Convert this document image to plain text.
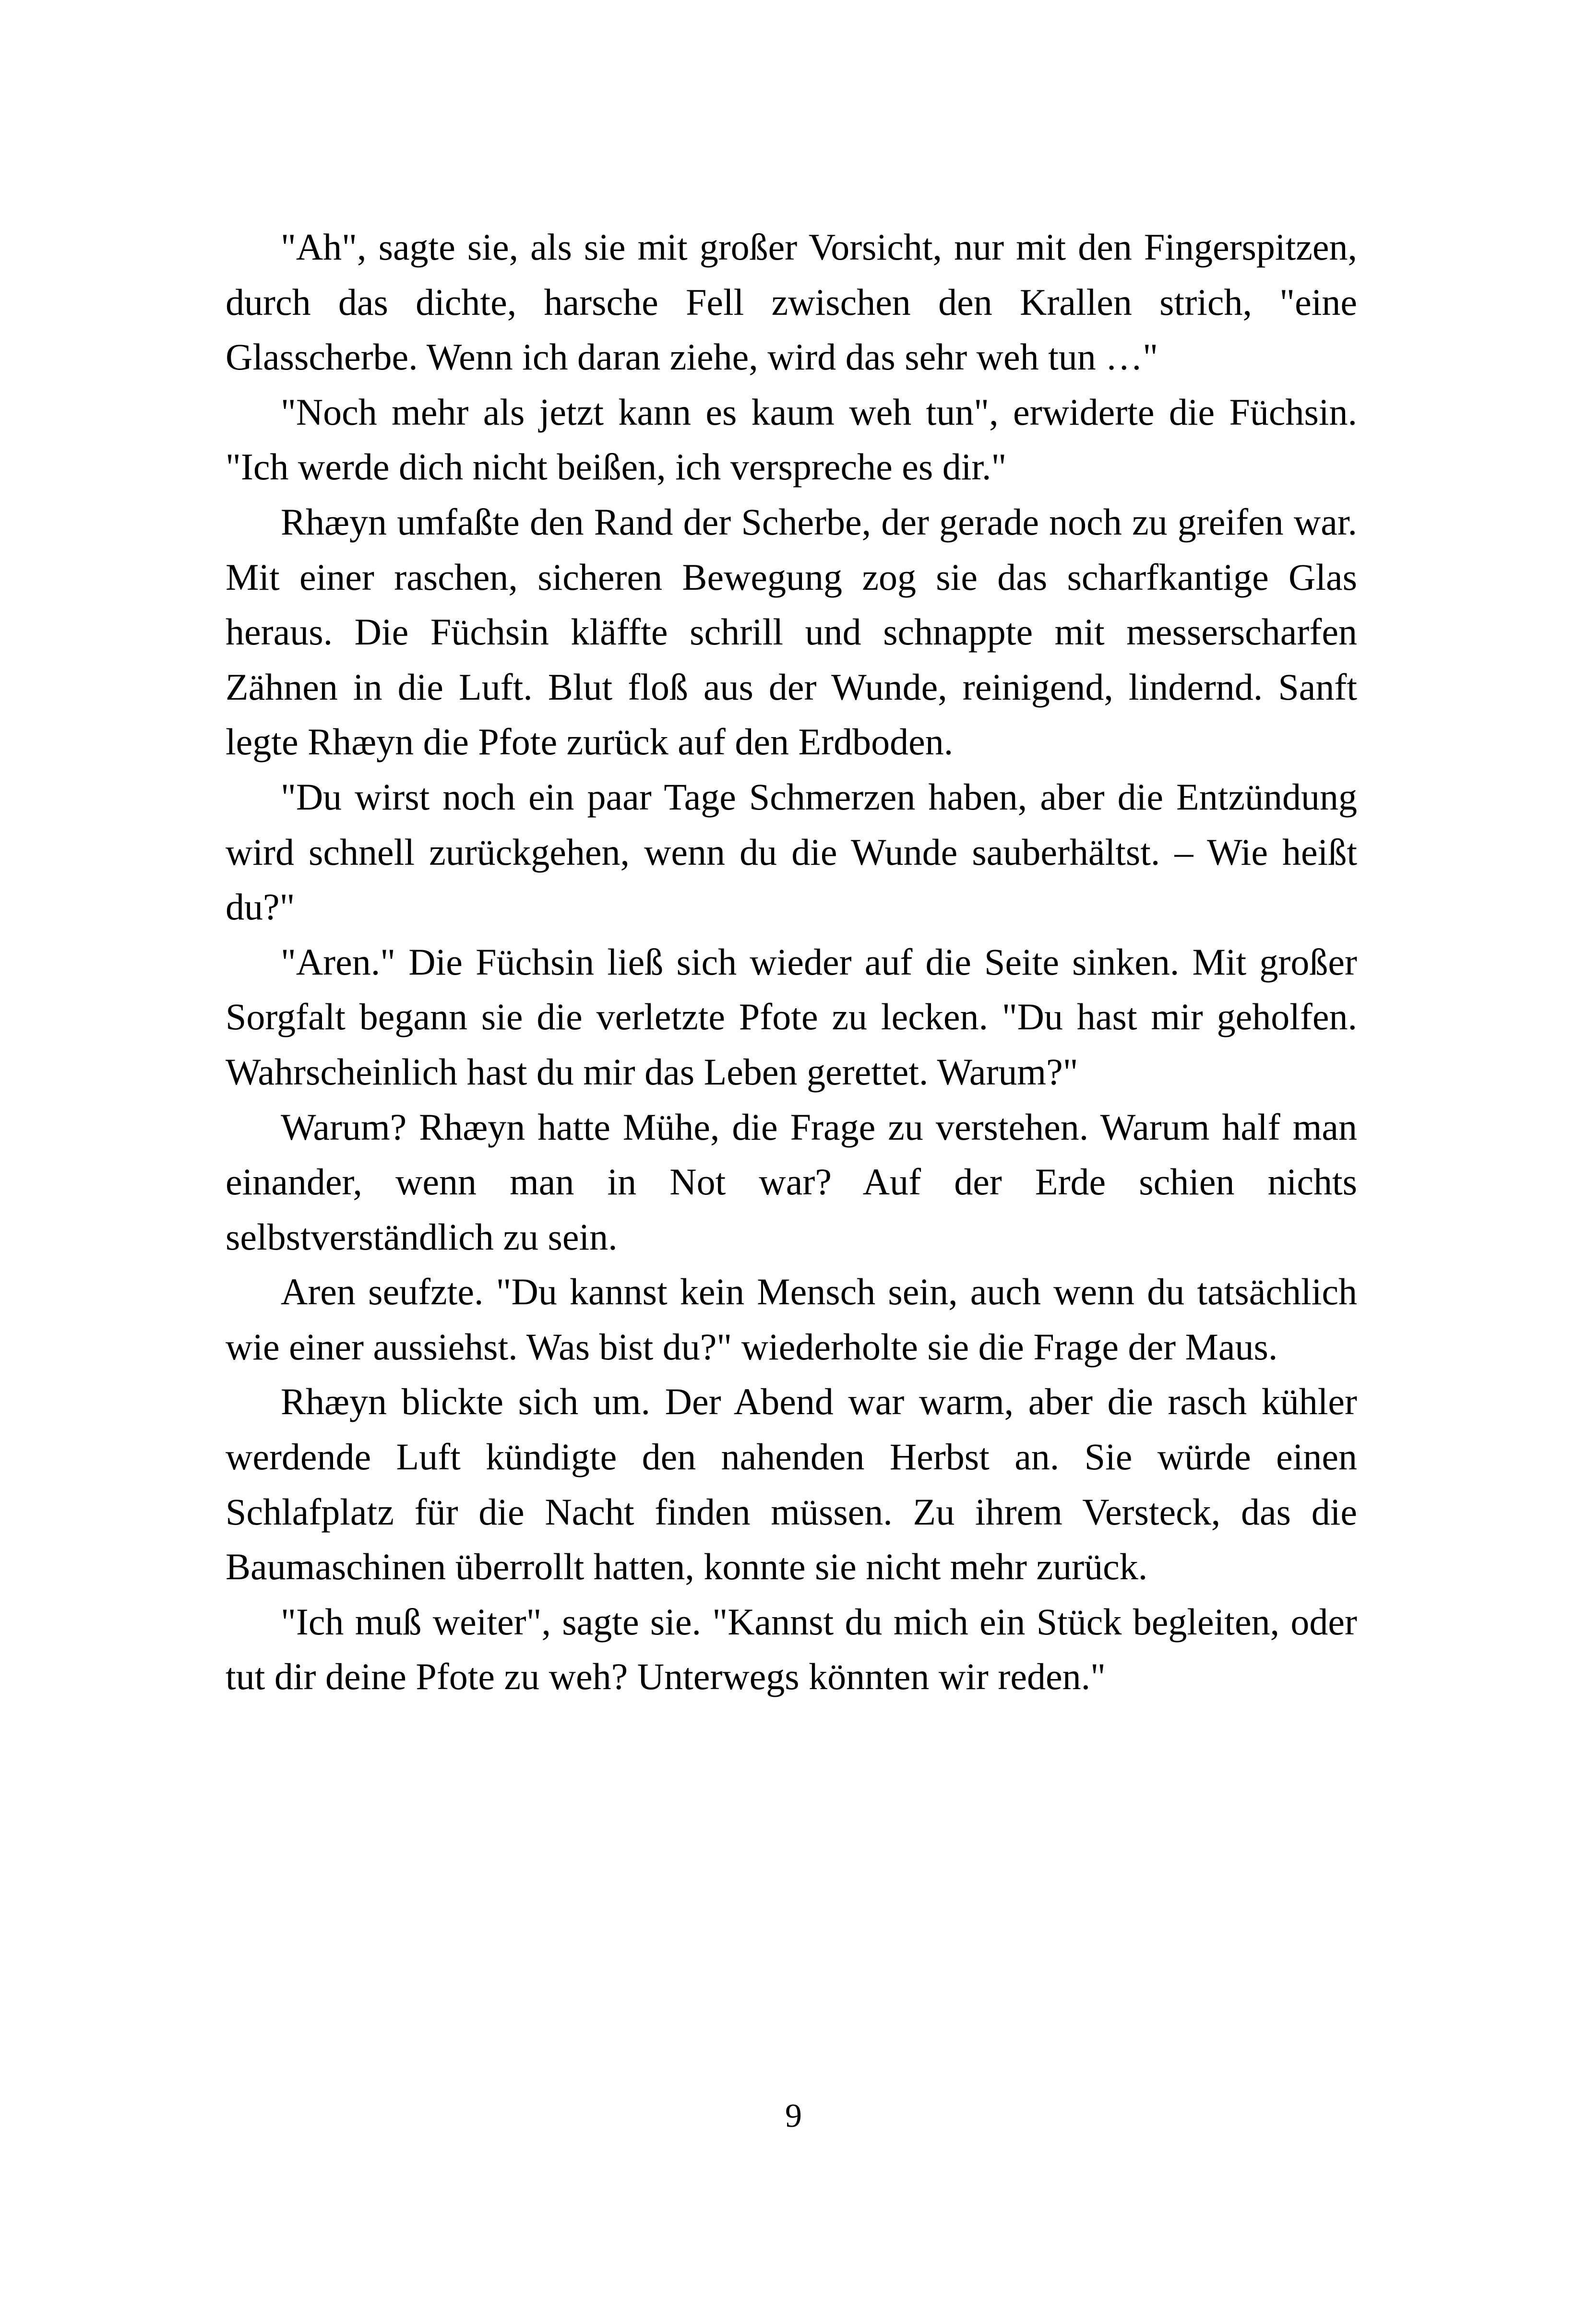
"Ah", sagte sie, als sie mit großer Vorsicht, nur mit den Fingerspitzen, durch das dichte, harsche Fell zwischen den Krallen strich, "eine Glasscherbe. Wenn ich daran ziehe, wird das sehr weh tun …"

"Noch mehr als jetzt kann es kaum weh tun", erwiderte die Füchsin. "Ich werde dich nicht beißen, ich verspreche es dir."

Rhæyn umfaßte den Rand der Scherbe, der gerade noch zu greifen war. Mit einer raschen, sicheren Bewegung zog sie das scharfkantige Glas heraus. Die Füchsin kläffte schrill und schnappte mit messerscharfen Zähnen in die Luft. Blut floß aus der Wunde, reinigend, lindernd. Sanft legte Rhæyn die Pfote zurück auf den Erdboden.

"Du wirst noch ein paar Tage Schmerzen haben, aber die Entzündung wird schnell zurückgehen, wenn du die Wunde sauberhältst. – Wie heißt du?"

"Aren." Die Füchsin ließ sich wieder auf die Seite sinken. Mit großer Sorgfalt begann sie die verletzte Pfote zu lecken. "Du hast mir geholfen. Wahrscheinlich hast du mir das Leben gerettet. Warum?"

Warum? Rhæyn hatte Mühe, die Frage zu verstehen. Warum half man einander, wenn man in Not war? Auf der Erde schien nichts selbstverständlich zu sein.

Aren seufzte. "Du kannst kein Mensch sein, auch wenn du tatsächlich wie einer aussiehst. Was bist du?" wiederholte sie die Frage der Maus.

Rhæyn blickte sich um. Der Abend war warm, aber die rasch kühler werdende Luft kündigte den nahenden Herbst an. Sie würde einen Schlafplatz für die Nacht finden müssen. Zu ihrem Versteck, das die Baumaschinen überrollt hatten, konnte sie nicht mehr zurück.

"Ich muß weiter", sagte sie. "Kannst du mich ein Stück begleiten, oder tut dir deine Pfote zu weh? Unterwegs könnten wir reden."

9
